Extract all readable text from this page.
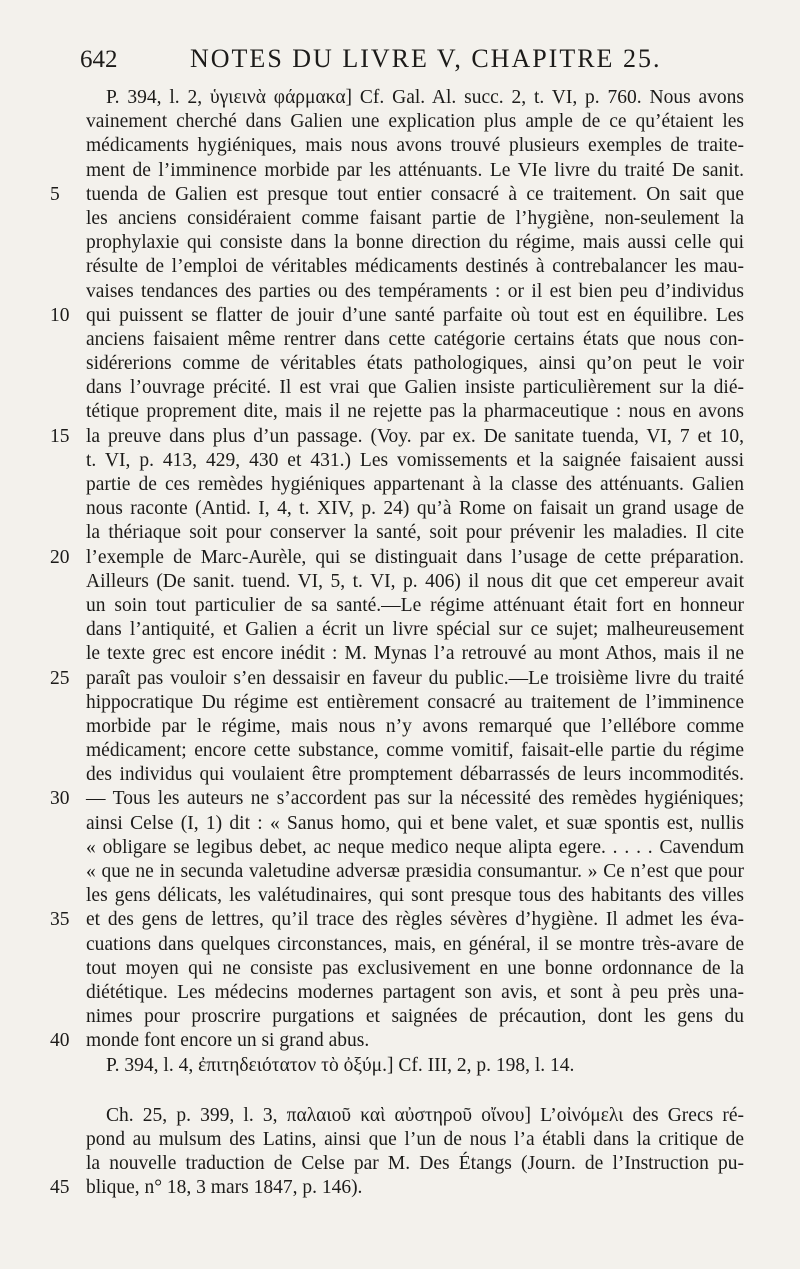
642	NOTES DU LIVRE V, CHAPITRE 25.
P. 394, l. 2, ὑγιεινὰ φάρμακα] Cf. Gal. Al. succ. 2, t. VI, p. 760. Nous avons
vainement cherché dans Galien une explication plus ample de ce qu’étaient les
médicaments hygiéniques, mais nous avons trouvé plusieurs exemples de traite-
ment de l’imminence morbide par les atténuants. Le VIe livre du traité De sanit.
5 tuenda de Galien est presque tout entier consacré à ce traitement. On sait que
les anciens considéraient comme faisant partie de l’hygiène, non-seulement la
prophylaxie qui consiste dans la bonne direction du régime, mais aussi celle qui
résulte de l’emploi de véritables médicaments destinés à contrebalancer les mau-
vaises tendances des parties ou des tempéraments : or il est bien peu d’individus
10 qui puissent se flatter de jouir d’une santé parfaite où tout est en équilibre. Les
anciens faisaient même rentrer dans cette catégorie certains états que nous con-
sidérerions comme de véritables états pathologiques, ainsi qu’on peut le voir
dans l’ouvrage précité. Il est vrai que Galien insiste particulièrement sur la dié-
tétique proprement dite, mais il ne rejette pas la pharmaceutique : nous en avons
15 la preuve dans plus d’un passage. (Voy. par ex. De sanitate tuenda, VI, 7 et 10,
t. VI, p. 413, 429, 430 et 431.) Les vomissements et la saignée faisaient aussi
partie de ces remèdes hygiéniques appartenant à la classe des atténuants. Galien
nous raconte (Antid. I, 4, t. XIV, p. 24) qu’à Rome on faisait un grand usage de
la thériaque soit pour conserver la santé, soit pour prévenir les maladies. Il cite
20 l’exemple de Marc-Aurèle, qui se distinguait dans l’usage de cette préparation.
Ailleurs (De sanit. tuend. VI, 5, t. VI, p. 406) il nous dit que cet empereur avait
un soin tout particulier de sa santé.—Le régime atténuant était fort en honneur
dans l’antiquité, et Galien a écrit un livre spécial sur ce sujet; malheureusement
le texte grec est encore inédit : M. Mynas l’a retrouvé au mont Athos, mais il ne
25 paraît pas vouloir s’en dessaisir en faveur du public.—Le troisième livre du traité
hippocratique Du régime est entièrement consacré au traitement de l’imminence
morbide par le régime, mais nous n’y avons remarqué que l’ellébore comme
médicament; encore cette substance, comme vomitif, faisait-elle partie du régime
des individus qui voulaient être promptement débarrassés de leurs incommodités.
30 — Tous les auteurs ne s’accordent pas sur la nécessité des remèdes hygiéniques;
ainsi Celse (I, 1) dit : « Sanus homo, qui et bene valet, et suæ spontis est, nullis
« obligare se legibus debet, ac neque medico neque alipta egere. . . . . Cavendum
« que ne in secunda valetudine adversæ præsidia consumantur. » Ce n’est que pour
les gens délicats, les valétudinaires, qui sont presque tous des habitants des villes
35 et des gens de lettres, qu’il trace des règles sévères d’hygiène. Il admet les éva-
cuations dans quelques circonstances, mais, en général, il se montre très-avare de
tout moyen qui ne consiste pas exclusivement en une bonne ordonnance de la
diététique. Les médecins modernes partagent son avis, et sont à peu près una-
nimes pour proscrire purgations et saignées de précaution, dont les gens du
40 monde font encore un si grand abus.
P. 394, l. 4, ἐπιτηδειότατον τὸ ὀξύμ.] Cf. III, 2, p. 198, l. 14.
Ch. 25, p. 399, l. 3, παλαιοῦ καὶ αὐστηροῦ οἴνου] L’οἰνόμελι des Grecs ré-
pond au mulsum des Latins, ainsi que l’un de nous l’a établi dans la critique de
la nouvelle traduction de Celse par M. Des Étangs (Journ. de l’Instruction pu-
45 blique, n° 18, 3 mars 1847, p. 146).
